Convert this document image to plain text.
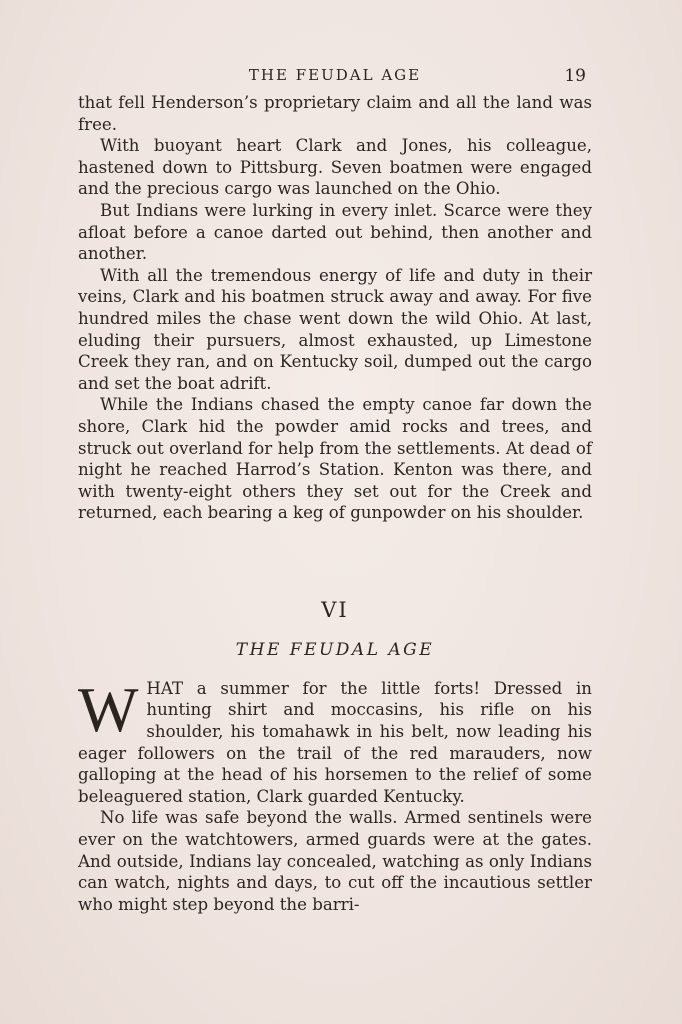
THE FEUDAL AGE	19

that fell Henderson’s proprietary claim and all the land was free.

With buoyant heart Clark and Jones, his colleague, hastened down to Pittsburg. Seven boatmen were engaged and the precious cargo was launched on the Ohio.

But Indians were lurking in every inlet. Scarce were they afloat before a canoe darted out behind, then another and another.

With all the tremendous energy of life and duty in their veins, Clark and his boatmen struck away and away. For five hundred miles the chase went down the wild Ohio. At last, eluding their pursuers, almost exhausted, up Limestone Creek they ran, and on Kentucky soil, dumped out the cargo and set the boat adrift.

While the Indians chased the empty canoe far down the shore, Clark hid the powder amid rocks and trees, and struck out overland for help from the settlements. At dead of night he reached Harrod’s Station. Kenton was there, and with twenty-eight others they set out for the Creek and returned, each bearing a keg of gunpowder on his shoulder.

VI
THE FEUDAL AGE

WHAT a summer for the little forts! Dressed in hunting shirt and moccasins, his rifle on his shoulder, his tomahawk in his belt, now leading his eager followers on the trail of the red marauders, now galloping at the head of his horsemen to the relief of some beleaguered station, Clark guarded Kentucky.

No life was safe beyond the walls. Armed sentinels were ever on the watchtowers, armed guards were at the gates. And outside, Indians lay concealed, watching as only Indians can watch, nights and days, to cut off the incautious settler who might step beyond the barri-
